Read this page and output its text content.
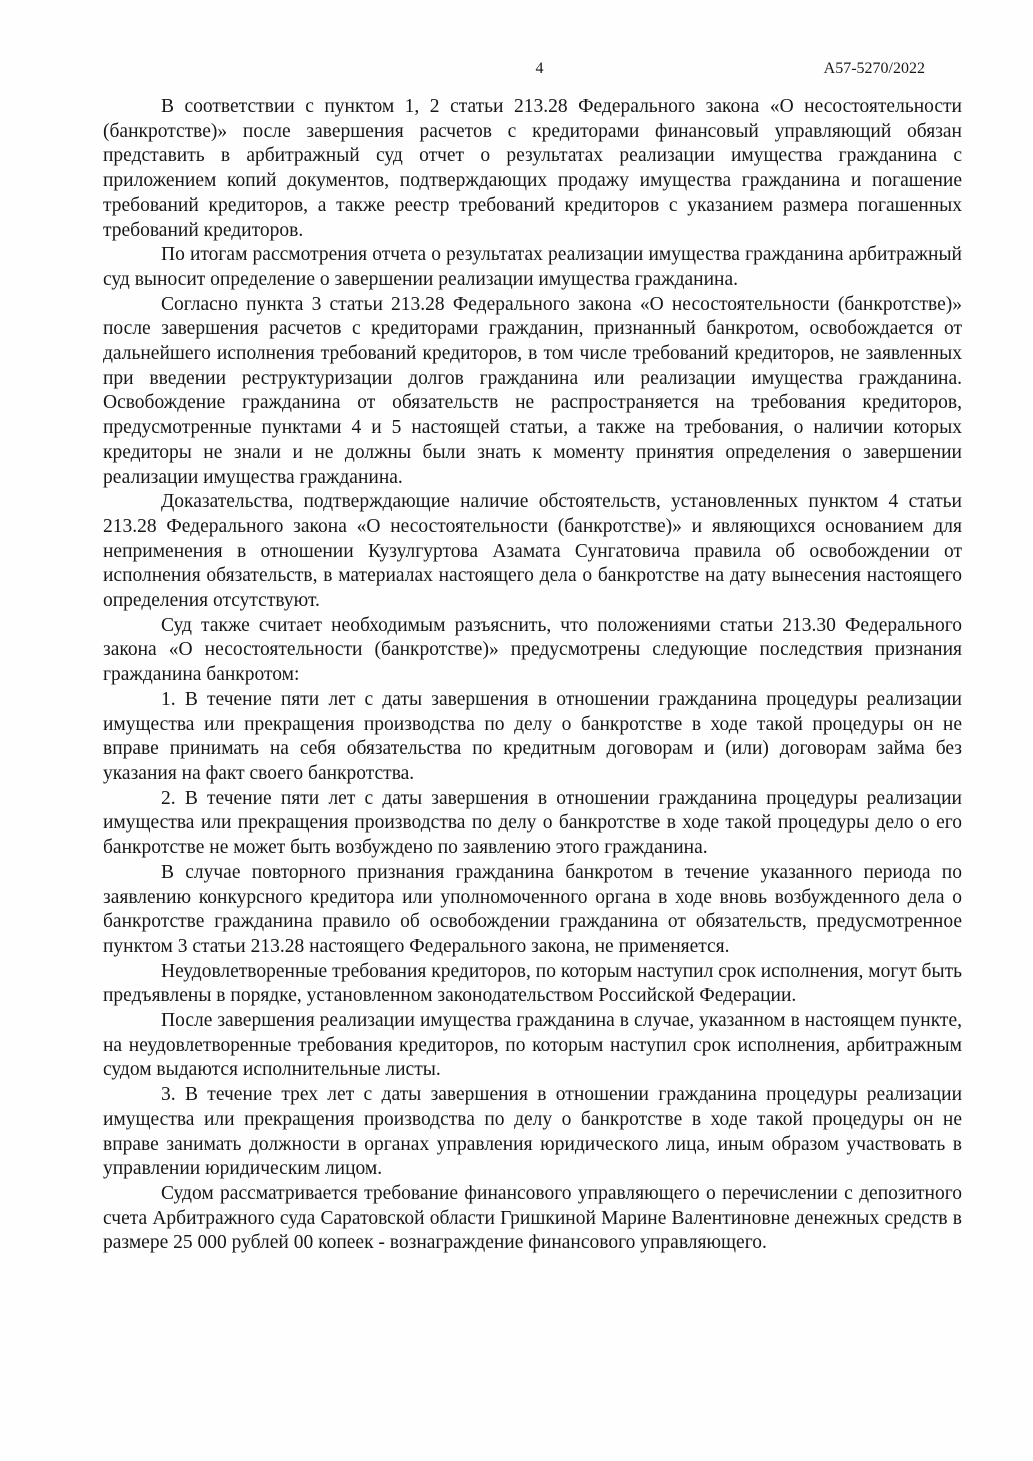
4	А57-5270/2022

В соответствии с пунктом 1, 2 статьи 213.28 Федерального закона «О несостоятельности (банкротстве)» после завершения расчетов с кредиторами финансовый управляющий обязан представить в арбитражный суд отчет о результатах реализации имущества гражданина с приложением копий документов, подтверждающих продажу имущества гражданина и погашение требований кредиторов, а также реестр требований кредиторов с указанием размера погашенных требований кредиторов.

По итогам рассмотрения отчета о результатах реализации имущества гражданина арбитражный суд выносит определение о завершении реализации имущества гражданина.

Согласно пункта 3 статьи 213.28 Федерального закона «О несостоятельности (банкротстве)» после завершения расчетов с кредиторами гражданин, признанный банкротом, освобождается от дальнейшего исполнения требований кредиторов, в том числе требований кредиторов, не заявленных при введении реструктуризации долгов гражданина или реализации имущества гражданина. Освобождение гражданина от обязательств не распространяется на требования кредиторов, предусмотренные пунктами 4 и 5 настоящей статьи, а также на требования, о наличии которых кредиторы не знали и не должны были знать к моменту принятия определения о завершении реализации имущества гражданина.

Доказательства, подтверждающие наличие обстоятельств, установленных пунктом 4 статьи 213.28 Федерального закона «О несостоятельности (банкротстве)» и являющихся основанием для неприменения в отношении Кузулгуртова Азамата Сунгатовича правила об освобождении от исполнения обязательств, в материалах настоящего дела о банкротстве на дату вынесения настоящего определения отсутствуют.

Суд также считает необходимым разъяснить, что положениями статьи 213.30 Федерального закона «О несостоятельности (банкротстве)» предусмотрены следующие последствия признания гражданина банкротом:

1. В течение пяти лет с даты завершения в отношении гражданина процедуры реализации имущества или прекращения производства по делу о банкротстве в ходе такой процедуры он не вправе принимать на себя обязательства по кредитным договорам и (или) договорам займа без указания на факт своего банкротства.

2. В течение пяти лет с даты завершения в отношении гражданина процедуры реализации имущества или прекращения производства по делу о банкротстве в ходе такой процедуры дело о его банкротстве не может быть возбуждено по заявлению этого гражданина.

В случае повторного признания гражданина банкротом в течение указанного периода по заявлению конкурсного кредитора или уполномоченного органа в ходе вновь возбужденного дела о банкротстве гражданина правило об освобождении гражданина от обязательств, предусмотренное пунктом 3 статьи 213.28 настоящего Федерального закона, не применяется.

Неудовлетворенные требования кредиторов, по которым наступил срок исполнения, могут быть предъявлены в порядке, установленном законодательством Российской Федерации.

После завершения реализации имущества гражданина в случае, указанном в настоящем пункте, на неудовлетворенные требования кредиторов, по которым наступил срок исполнения, арбитражным судом выдаются исполнительные листы.

3. В течение трех лет с даты завершения в отношении гражданина процедуры реализации имущества или прекращения производства по делу о банкротстве в ходе такой процедуры он не вправе занимать должности в органах управления юридического лица, иным образом участвовать в управлении юридическим лицом.

Судом рассматривается требование финансового управляющего о перечислении с депозитного счета Арбитражного суда Саратовской области Гришкиной Марине Валентиновне денежных средств в размере 25 000 рублей 00 копеек - вознаграждение финансового управляющего.
